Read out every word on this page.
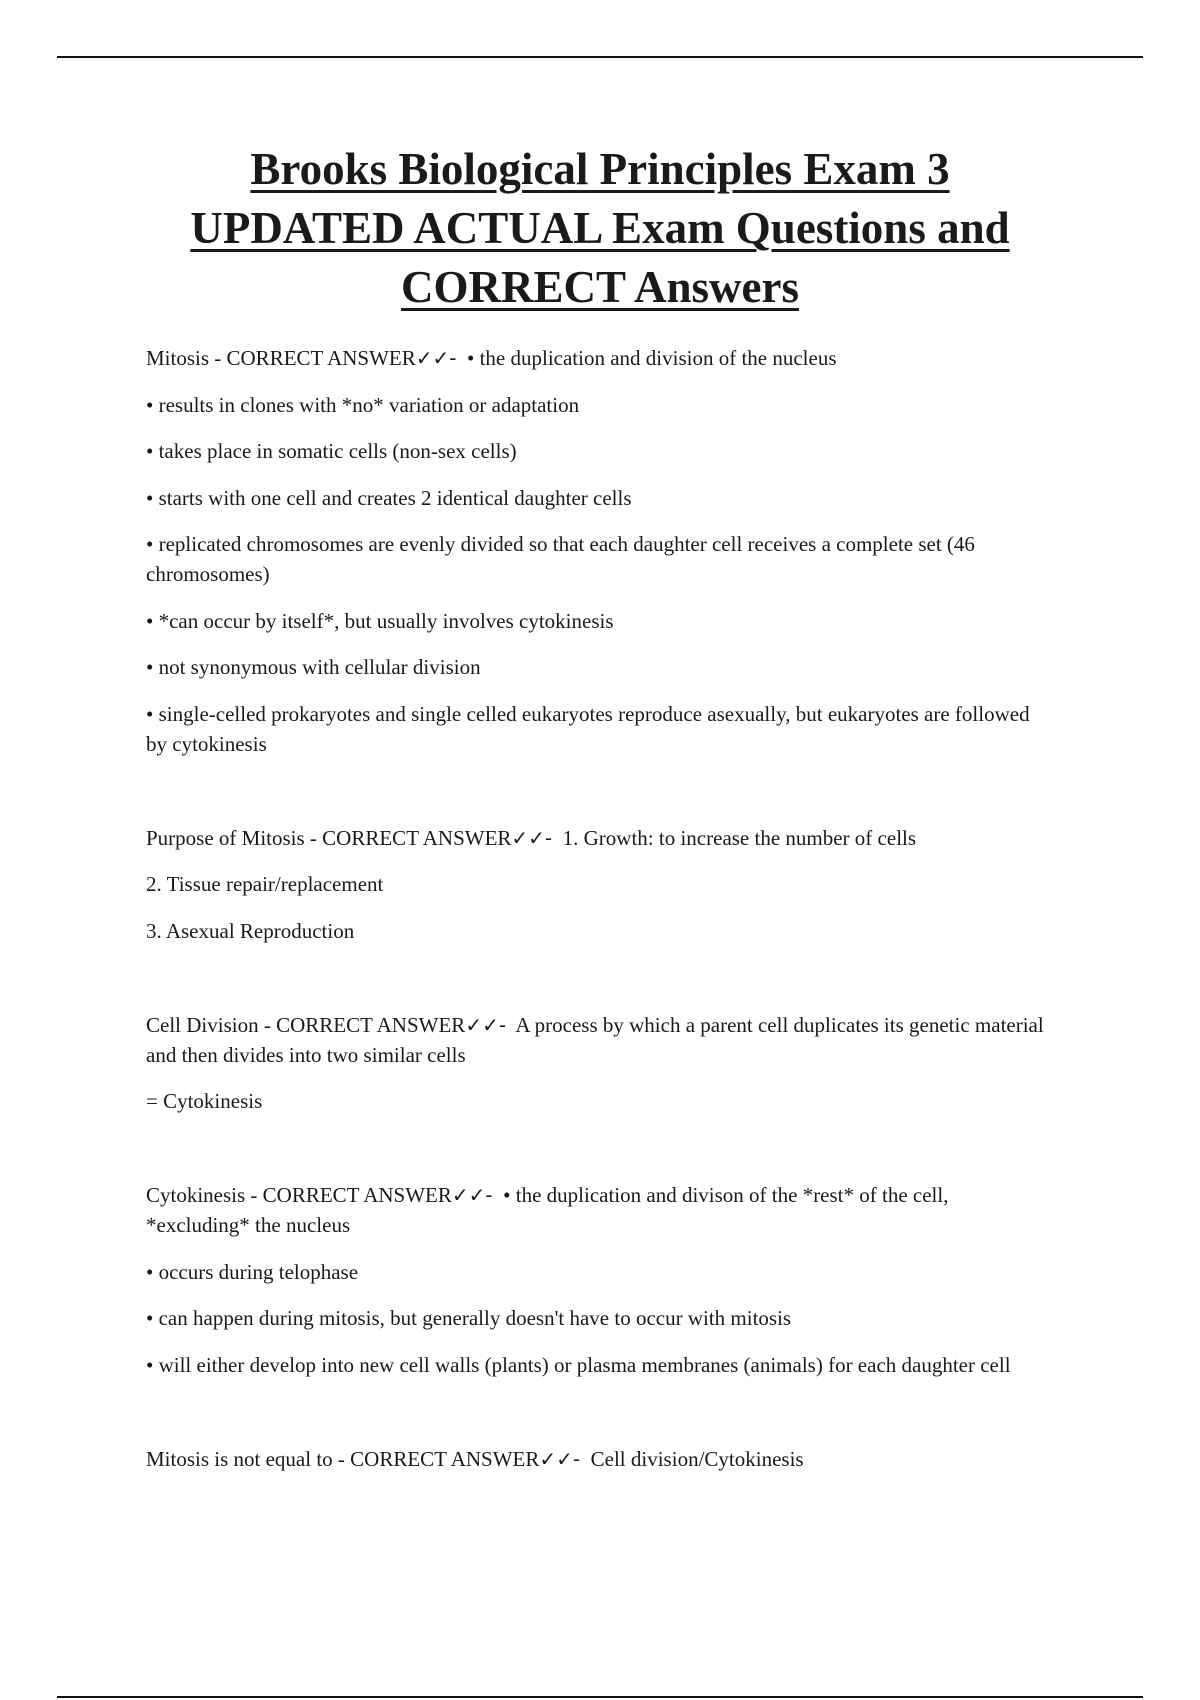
Brooks Biological Principles Exam 3
UPDATED ACTUAL Exam Questions and
CORRECT Answers

Mitosis - CORRECT ANSWER✓✓- • the duplication and division of the nucleus

• results in clones with *no* variation or adaptation

• takes place in somatic cells (non-sex cells)

• starts with one cell and creates 2 identical daughter cells

• replicated chromosomes are evenly divided so that each daughter cell receives a complete set (46 chromosomes)

• *can occur by itself*, but usually involves cytokinesis

• not synonymous with cellular division

• single-celled prokaryotes and single celled eukaryotes reproduce asexually, but eukaryotes are followed by cytokinesis

Purpose of Mitosis - CORRECT ANSWER✓✓- 1. Growth: to increase the number of cells

2. Tissue repair/replacement

3. Asexual Reproduction

Cell Division - CORRECT ANSWER✓✓- A process by which a parent cell duplicates its genetic material and then divides into two similar cells

= Cytokinesis

Cytokinesis - CORRECT ANSWER✓✓- • the duplication and divison of the *rest* of the cell, *excluding* the nucleus

• occurs during telophase

• can happen during mitosis, but generally doesn't have to occur with mitosis

• will either develop into new cell walls (plants) or plasma membranes (animals) for each daughter cell

Mitosis is not equal to - CORRECT ANSWER✓✓- Cell division/Cytokinesis
